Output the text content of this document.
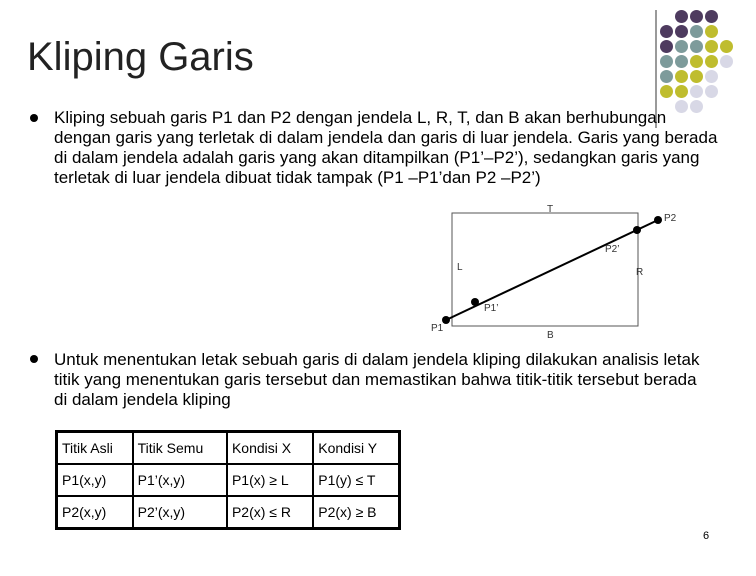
Kliping Garis

Kliping sebuah garis P1 dan P2 dengan jendela L, R, T, dan B akan berhubungan dengan garis yang terletak di dalam jendela dan garis di luar jendela. Garis yang berada di dalam jendela adalah garis yang akan ditampilkan (P1’–P2’), sedangkan garis yang terletak di luar jendela dibuat tidak tampak (P1 –P1’dan P2 –P2’)

T
B
L	R
P1
P1’
P2’
P2

Untuk menentukan letak sebuah garis di dalam jendela kliping dilakukan analisis letak titik yang menentukan garis tersebut dan memastikan bahwa titik-titik tersebut berada di dalam jendela kliping

Titik Asli	Titik Semu	Kondisi X	Kondisi Y
P1(x,y)	P1’(x,y)	P1(x) ≥ L	P1(y) ≤ T
P2(x,y)	P2’(x,y)	P2(x) ≤ R	P2(x) ≥ B
6
